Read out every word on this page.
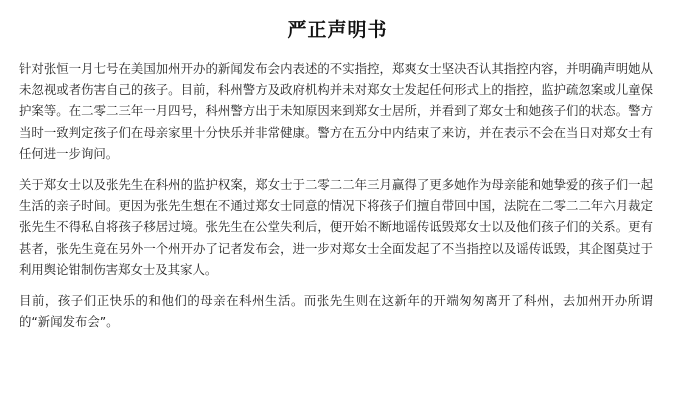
严正声明书

针对张恒一月七号在美国加州开办的新闻发布会内表述的不实指控，郑爽女士坚决否认其指控内容，并明确声明她从未忽视或者伤害自己的孩子。目前，科州警方及政府机构并未对郑女士发起任何形式上的指控，监护疏忽案或儿童保护案等。在二零二三年一月四号，科州警方出于未知原因来到郑女士居所，并看到了郑女士和她孩子们的状态。警方当时一致判定孩子们在母亲家里十分快乐并非常健康。警方在五分中内结束了来访，并在表示不会在当日对郑女士有任何进一步询问。

关于郑女士以及张先生在科州的监护权案，郑女士于二零二二年三月赢得了更多她作为母亲能和她挚爱的孩子们一起生活的亲子时间。更因为张先生想在不通过郑女士同意的情况下将孩子们擅自带回中国，法院在二零二二年六月裁定张先生不得私自将孩子移居过境。张先生在公堂失利后，便开始不断地谣传诋毁郑女士以及他们孩子们的关系。更有甚者，张先生竟在另外一个州开办了记者发布会，进一步对郑女士全面发起了不当指控以及谣传诋毁，其企图莫过于利用舆论钳制伤害郑女士及其家人。

目前，孩子们正快乐的和他们的母亲在科州生活。而张先生则在这新年的开端匆匆离开了科州，去加州开办所谓的“新闻发布会”。
